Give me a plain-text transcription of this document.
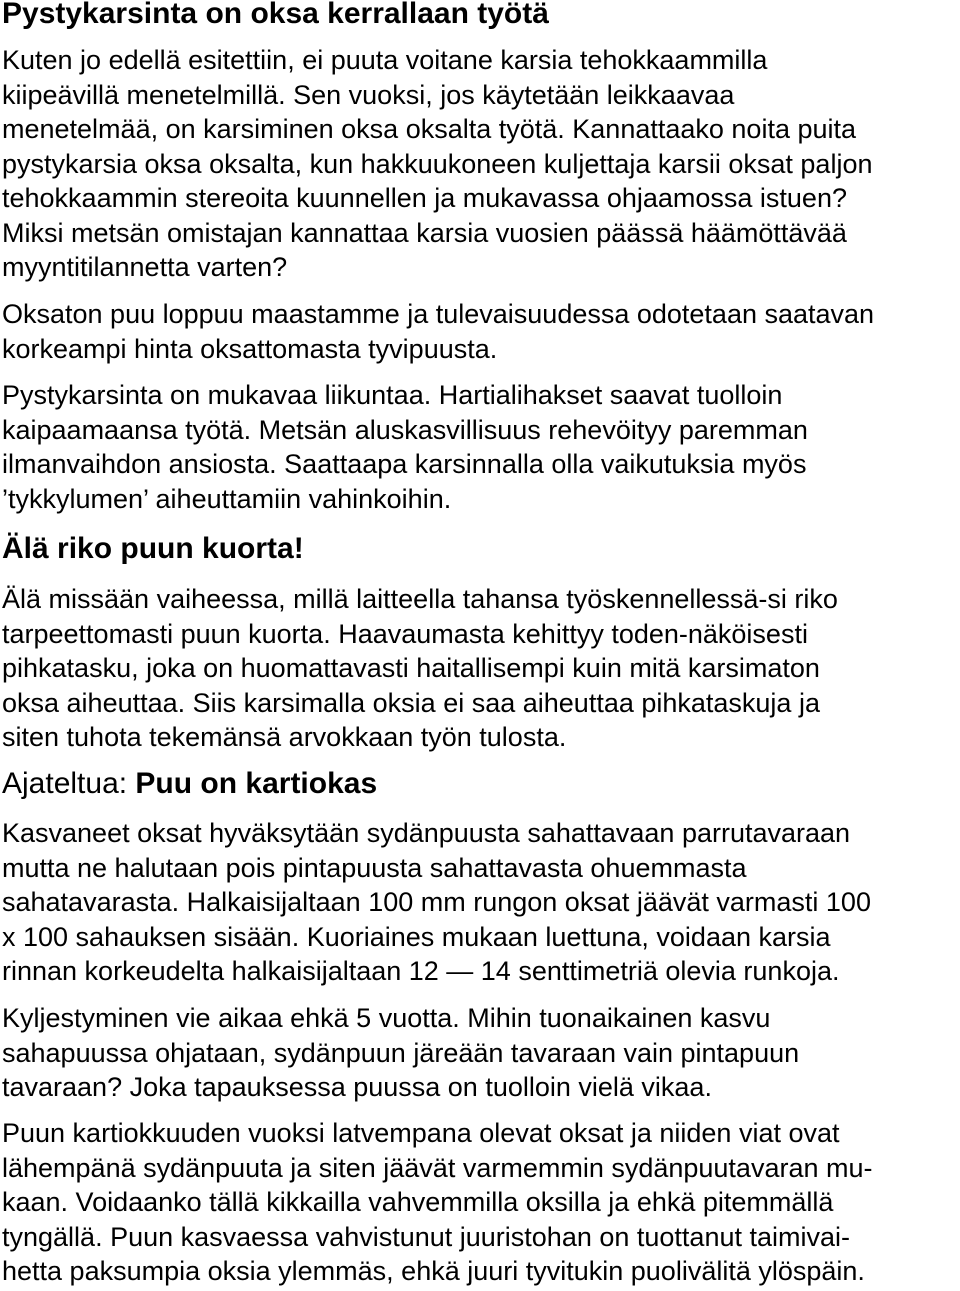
Pystykarsinta on oksa kerrallaan työtä
Kuten jo edellä esitettiin, ei puuta voitane karsia tehokkaammilla
kiipeävillä menetelmillä. Sen vuoksi, jos käytetään leikkaavaa
menetelmää, on karsiminen oksa oksalta työtä. Kannattaako noita puita
pystykarsia oksa oksalta, kun hakkuukoneen kuljettaja karsii oksat paljon
tehokkaammin stereoita kuunnellen ja mukavassa ohjaamossa istuen?
Miksi metsän omistajan kannattaa karsia vuosien päässä häämöttävää
myyntitilannetta varten?
Oksaton puu loppuu maastamme ja tulevaisuudessa odotetaan saatavan
korkeampi hinta oksattomasta tyvipuusta.
Pystykarsinta on mukavaa liikuntaa. Hartialihakset saavat tuolloin
kaipaamaansa työtä. Metsän aluskasvillisuus rehevöityy paremman
ilmanvaihdon ansiosta. Saattaapa karsinnalla olla vaikutuksia myös
’tykkylumen’ aiheuttamiin vahinkoihin.
Älä riko puun kuorta!
Älä missään vaiheessa, millä laitteella tahansa työskennellessä-si riko
tarpeettomasti puun kuorta. Haavaumasta kehittyy toden-näköisesti
pihkatasku, joka on huomattavasti haitallisempi kuin mitä karsimaton
oksa aiheuttaa. Siis karsimalla oksia ei saa aiheuttaa pihkataskuja ja
siten tuhota tekemänsä arvokkaan työn tulosta.
Ajateltua: Puu on kartiokas
Kasvaneet oksat hyväksytään sydänpuusta sahattavaan parrutavaraan
mutta ne halutaan pois pintapuusta sahattavasta ohuemmasta
sahatavarasta. Halkaisijaltaan 100 mm rungon oksat jäävät varmasti 100
x 100 sahauksen sisään. Kuoriaines mukaan luettuna, voidaan karsia
rinnan korkeudelta halkaisijaltaan 12 — 14 senttimetriä olevia runkoja.
Kyljestyminen vie aikaa ehkä 5 vuotta. Mihin tuonaikainen kasvu
sahapuussa ohjataan, sydänpuun järeään tavaraan vain pintapuun
tavaraan? Joka tapauksessa puussa on tuolloin vielä vikaa.
Puun kartiokkuuden vuoksi latvempana olevat oksat ja niiden viat ovat
lähempänä sydänpuuta ja siten jäävät varmemmin sydänpuutavaran mu-
kaan. Voidaanko tällä kikkailla vahvemmilla oksilla ja ehkä pitemmällä
tyngällä. Puun kasvaessa vahvistunut juuristohan on tuottanut taimivai-
hetta paksumpia oksia ylemmäs, ehkä juuri tyvitukin puolivälitä ylöspäin.
